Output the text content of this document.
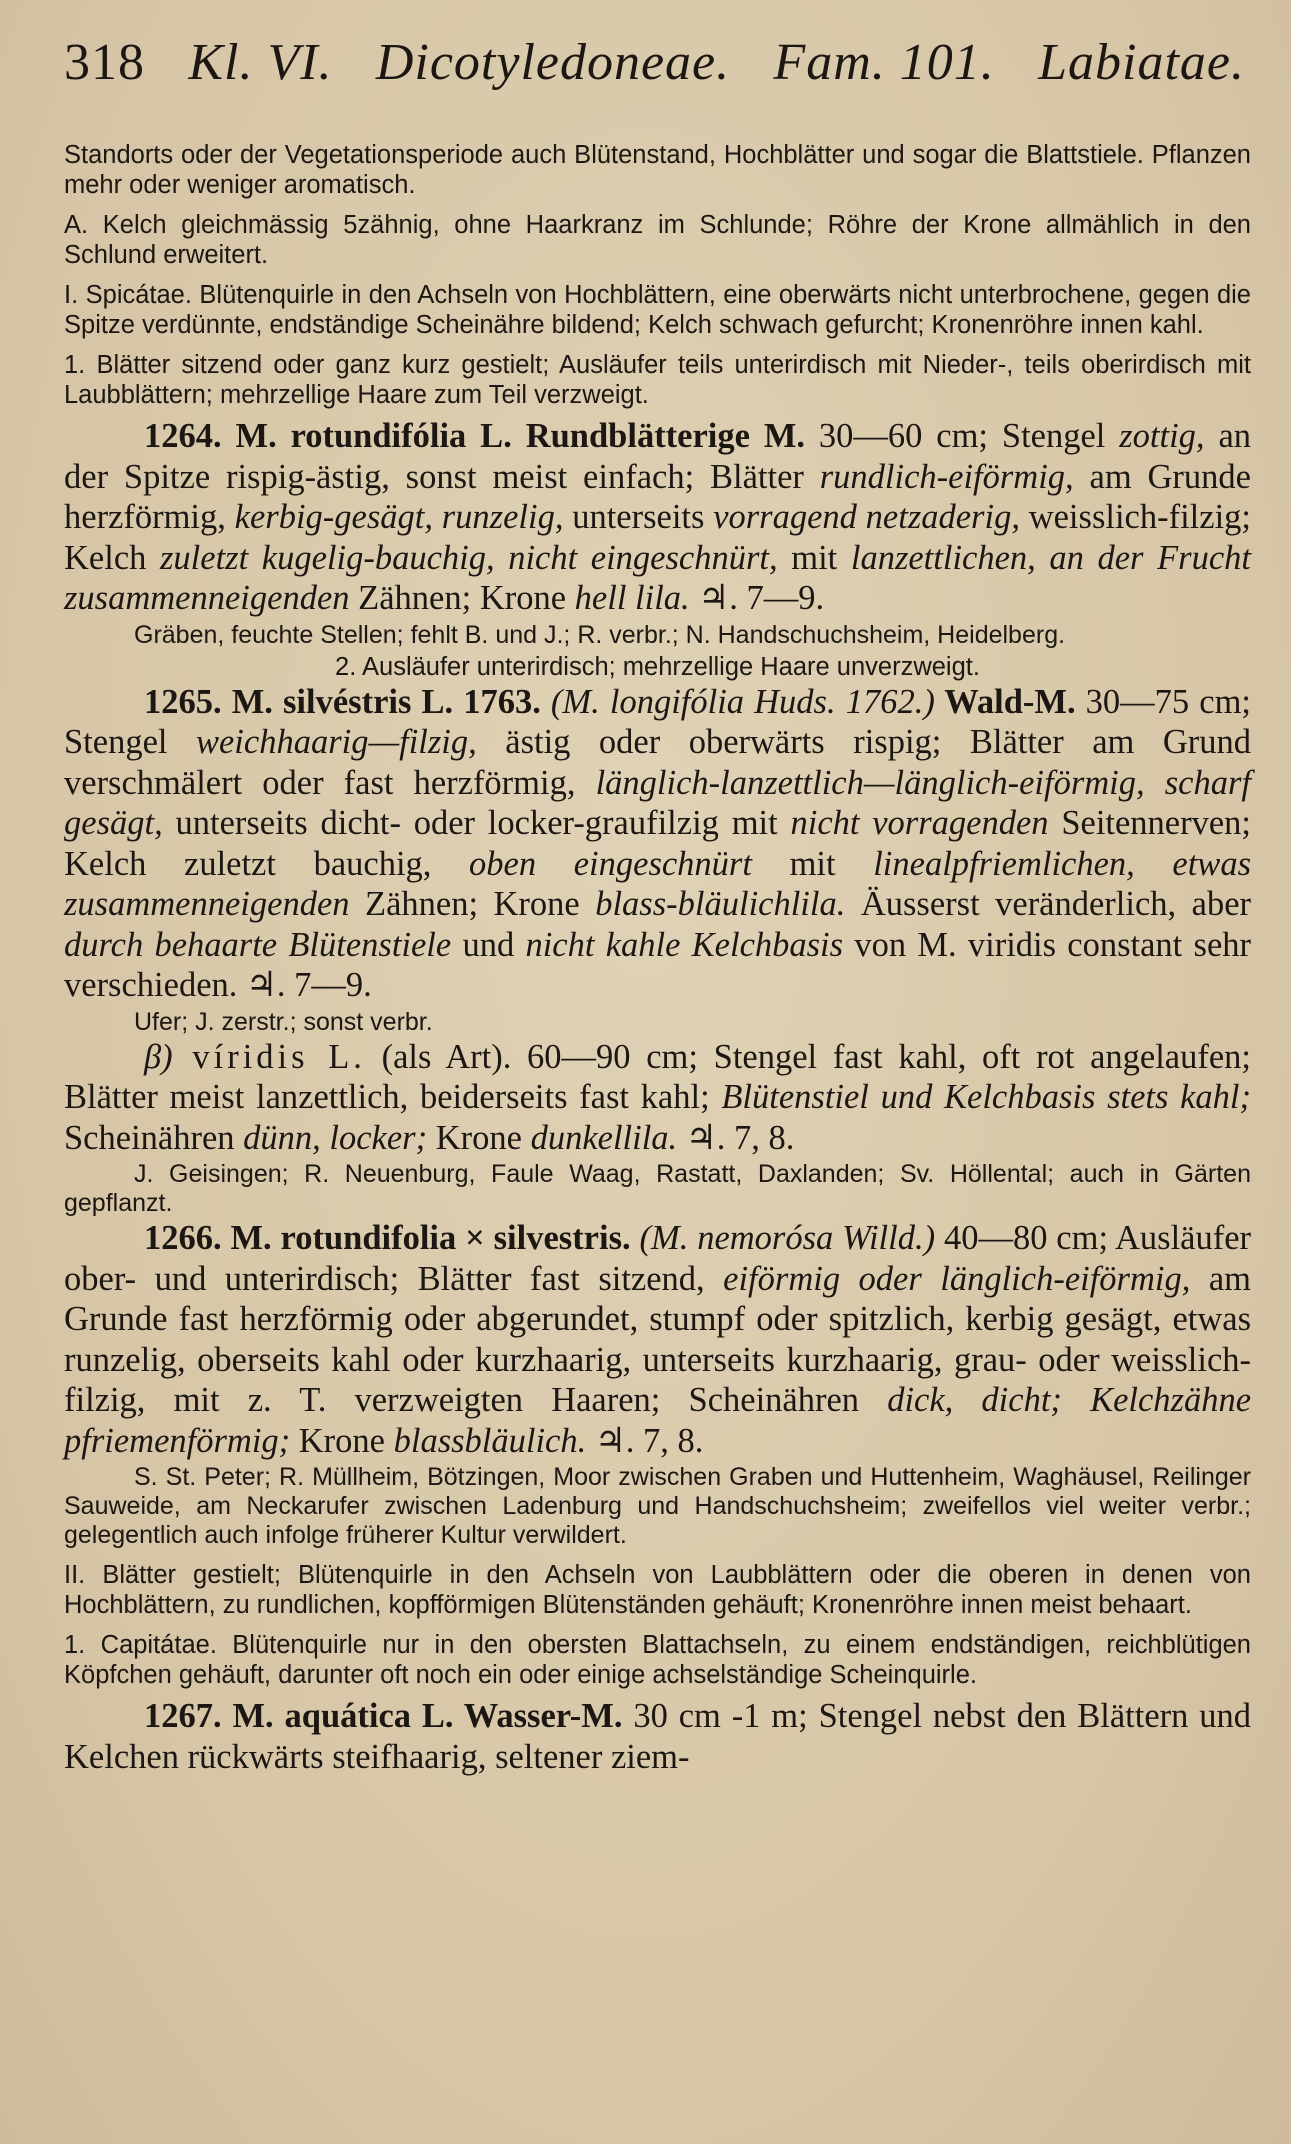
318 Kl. VI. Dicotyledoneae. Fam. 101. Labiatae.

Standorts oder der Vegetationsperiode auch Blütenstand, Hochblätter und sogar die Blattstiele. Pflanzen mehr oder weniger aromatisch.

A. Kelch gleichmässig 5zähnig, ohne Haarkranz im Schlunde; Röhre der Krone allmählich in den Schlund erweitert.

I. Spicátae. Blütenquirle in den Achseln von Hochblättern, eine oberwärts nicht unterbrochene, gegen die Spitze verdünnte, endständige Scheinähre bildend; Kelch schwach gefurcht; Kronenröhre innen kahl.

1. Blätter sitzend oder ganz kurz gestielt; Ausläufer teils unterirdisch mit Nieder-, teils oberirdisch mit Laubblättern; mehrzellige Haare zum Teil verzweigt.

1264. M. rotundifólia L. Rundblätterige M. 30—60 cm; Stengel zottig, an der Spitze rispig-ästig, sonst meist einfach; Blätter rundlich-eiförmig, am Grunde herzförmig, kerbig-gesägt, runzelig, unterseits vorragend netzaderig, weisslich-filzig; Kelch zuletzt kugelig-bauchig, nicht eingeschnürt, mit lanzettlichen, an der Frucht zusammenneigenden Zähnen; Krone hell lila. ♃. 7—9.

Gräben, feuchte Stellen; fehlt B. und J.; R. verbr.; N. Handschuchsheim, Heidelberg.

2. Ausläufer unterirdisch; mehrzellige Haare unverzweigt.

1265. M. silvéstris L. 1763. (M. longifólia Huds. 1762.) Wald-M. 30—75 cm; Stengel weichhaarig—filzig, ästig oder oberwärts rispig; Blätter am Grund verschmälert oder fast herzförmig, länglich-lanzettlich—länglich-eiförmig, scharf gesägt, unterseits dicht- oder locker-graufilzig mit nicht vorragenden Seitennerven; Kelch zuletzt bauchig, oben eingeschnürt mit linealpfriemlichen, etwas zusammenneigenden Zähnen; Krone blass-bläulichlila. Äusserst veränderlich, aber durch behaarte Blütenstiele und nicht kahle Kelchbasis von M. viridis constant sehr verschieden. ♃. 7—9.

Ufer; J. zerstr.; sonst verbr.

β) víridis L. (als Art). 60—90 cm; Stengel fast kahl, oft rot angelaufen; Blätter meist lanzettlich, beiderseits fast kahl; Blütenstiel und Kelchbasis stets kahl; Scheinähren dünn, locker; Krone dunkellila. ♃. 7, 8.

J. Geisingen; R. Neuenburg, Faule Waag, Rastatt, Daxlanden; Sv. Höllental; auch in Gärten gepflanzt.

1266. M. rotundifolia × silvestris. (M. nemorósa Willd.) 40—80 cm; Ausläufer ober- und unterirdisch; Blätter fast sitzend, eiförmig oder länglich-eiförmig, am Grunde fast herzförmig oder abgerundet, stumpf oder spitzlich, kerbig gesägt, etwas runzelig, oberseits kahl oder kurzhaarig, unterseits kurzhaarig, grau- oder weisslich-filzig, mit z. T. verzweigten Haaren; Scheinähren dick, dicht; Kelchzähne pfriemenförmig; Krone blassbläulich. ♃. 7, 8.

S. St. Peter; R. Müllheim, Bötzingen, Moor zwischen Graben und Huttenheim, Waghäusel, Reilinger Sauweide, am Neckarufer zwischen Ladenburg und Handschuchsheim; zweifellos viel weiter verbr.; gelegentlich auch infolge früherer Kultur verwildert.

II. Blätter gestielt; Blütenquirle in den Achseln von Laubblättern oder die oberen in denen von Hochblättern, zu rundlichen, kopfförmigen Blütenständen gehäuft; Kronenröhre innen meist behaart.

1. Capitátae. Blütenquirle nur in den obersten Blattachseln, zu einem endständigen, reichblütigen Köpfchen gehäuft, darunter oft noch ein oder einige achselständige Scheinquirle.

1267. M. aquática L. Wasser-M. 30 cm -1 m; Stengel nebst den Blättern und Kelchen rückwärts steifhaarig, seltener ziem-
